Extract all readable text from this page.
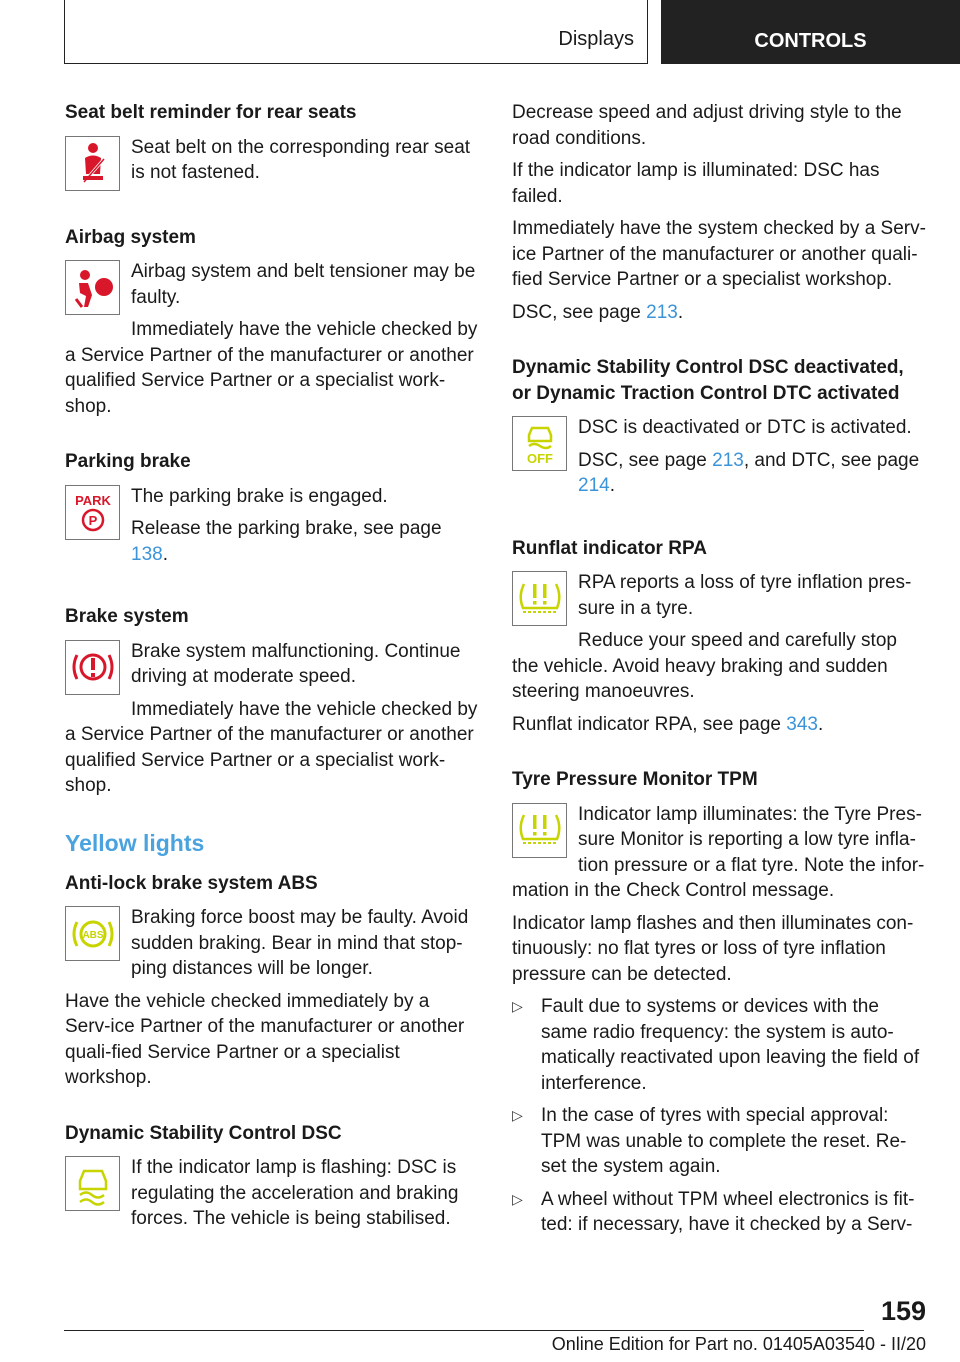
Displays	CONTROLS
Seat belt reminder for rear seats

Seat belt on the corresponding rear seat is not fastened.

Airbag system

Airbag system and belt tensioner may be faulty.

Immediately have the vehicle checked by a Service Partner of the manufacturer or another qualified Service Partner or a specialist work-shop.

Parking brake
PARK
P

The parking brake is engaged.

Release the parking brake, see page 138.

Brake system

Brake system malfunctioning. Continue driving at moderate speed.

Immediately have the vehicle checked by a Service Partner of the manufacturer or another qualified Service Partner or a specialist work-shop.

Yellow lights
Anti-lock brake system ABS
ABS

Braking force boost may be faulty. Avoid sudden braking. Bear in mind that stop-ping distances will be longer.

Have the vehicle checked immediately by a Serv-ice Partner of the manufacturer or another quali-fied Service Partner or a specialist workshop.

Dynamic Stability Control DSC

If the indicator lamp is flashing: DSC is regulating the acceleration and braking forces. The vehicle is being stabilised.

Decrease speed and adjust driving style to the road conditions.

If the indicator lamp is illuminated: DSC has failed.

Immediately have the system checked by a Serv-ice Partner of the manufacturer or another quali-fied Service Partner or a specialist workshop.

DSC, see page 213.

Dynamic Stability Control DSC deactivated, or Dynamic Traction Control DTC activated
OFF

DSC is deactivated or DTC is activated.

DSC, see page 213, and DTC, see page 214.

Runflat indicator RPA

RPA reports a loss of tyre inflation pres-sure in a tyre.

Reduce your speed and carefully stop the vehicle. Avoid heavy braking and sudden steering manoeuvres.

Runflat indicator RPA, see page 343.

Tyre Pressure Monitor TPM

Indicator lamp illuminates: the Tyre Pres-sure Monitor is reporting a low tyre infla-tion pressure or a flat tyre. Note the infor-mation in the Check Control message.

Indicator lamp flashes and then illuminates con-tinuously: no flat tyres or loss of tyre inflation pressure can be detected.

▷ Fault due to systems or devices with the same radio frequency: the system is auto-matically reactivated upon leaving the field of interference.
▷ In the case of tyres with special approval: TPM was unable to complete the reset. Re-set the system again.
▷ A wheel without TPM wheel electronics is fit-ted: if necessary, have it checked by a Serv-
159
Online Edition for Part no. 01405A03540 - II/20
